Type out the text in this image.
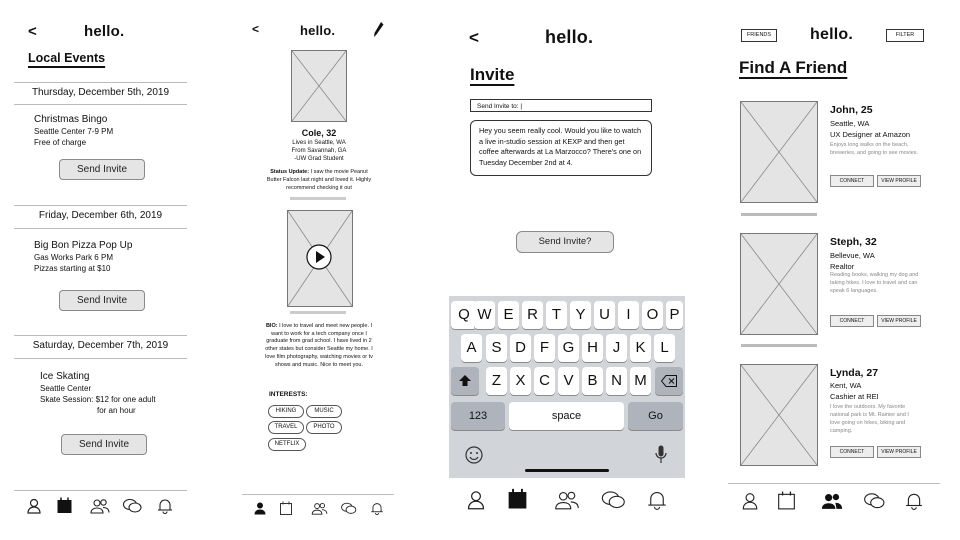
<	hello.
Local Events
Thursday, December 5th, 2019
Christmas Bingo
Seattle Center 7-9 PM
Free of charge
Send Invite
Friday, December 6th, 2019
Big Bon Pizza Pop Up
Gas Works Park 6 PM
Pizzas starting at $10
Send Invite
Saturday, December 7th, 2019
Ice Skating
Seattle Center
Skate Session: $12 for one adult
for an hour
Send Invite
<	hello.
Cole, 32
Lives in Seattle, WA
From Savannah, GA
-UW Grad Student
Status Update: I saw the movie Peanut Butter Falcon last night and loved it. Highly recommend checking it out
BIO: I love to travel and meet new people. I want to work for a tech company once I graduate from grad school. I have lived in 2 other states but consider Seattle my home. I love film photography, watching movies or tv shows and music. Nice to meet you.
INTERESTS:
HIKING	MUSIC
TRAVEL	PHOTO
NETFLIX
<	hello.
Invite
Send Invite to: |
Hey you seem really cool. Would you like to watch a live in-studio session at KEXP and then get coffee afterwards at La Marzocco? There's one on Tuesday December 2nd at 4.
Send Invite?
Q W E R T Y U	I	O P
A S D F G H J	K L
Z X C V B N M
123	space	Go
FRIENDS	hello.	FILTER
Find A Friend
John, 25
Seattle, WA
UX Designer at Amazon
Enjoys long walks on the beach, breweries, and going to see movies.
CONNECT	VIEW PROFILE
Steph, 32
Bellevue, WA
Realtor
Reading books, walking my dog and taking hikes. I love to travel and can speak 6 languages.
CONNECT	VIEW PROFILE
Lynda, 27
Kent, WA
Cashier at REI
I love the outdoors. My favorite national park is Mt. Rainier and I love going on hikes, biking and camping.
CONNECT	VIEW PROFILE
